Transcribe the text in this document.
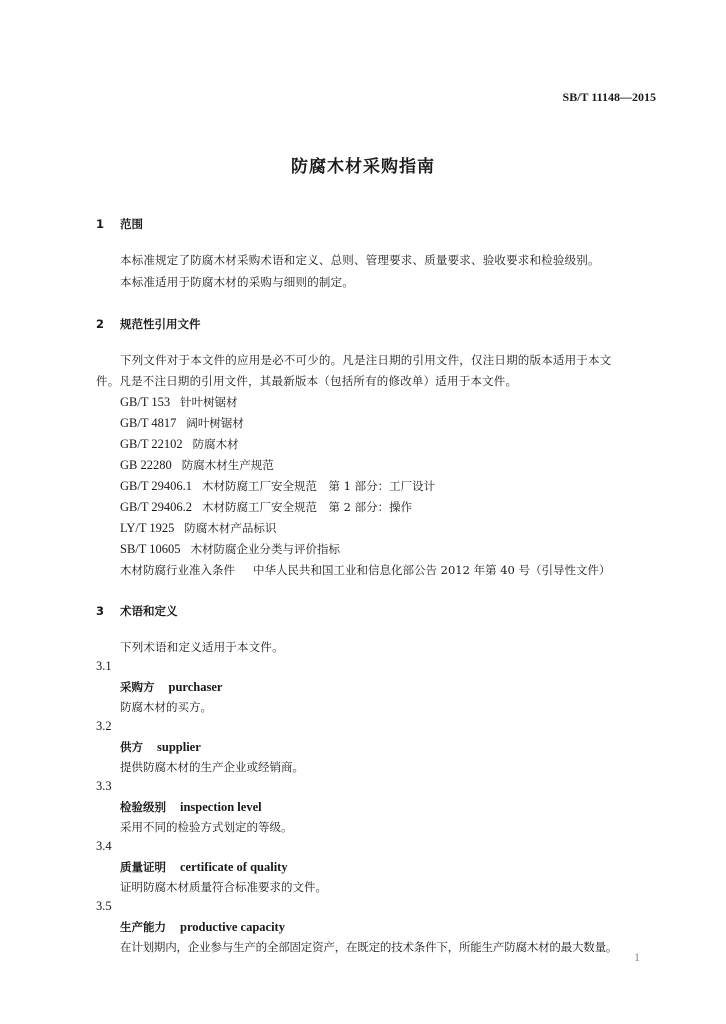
SB/T 11148—2015
防腐木材采购指南
1 范围
本标准规定了防腐木材采购术语和定义、总则、管理要求、质量要求、验收要求和检验级别。
本标准适用于防腐木材的采购与细则的制定。
2 规范性引用文件
下列文件对于本文件的应用是必不可少的。凡是注日期的引用文件，仅注日期的版本适用于本文
件。凡是不注日期的引用文件，其最新版本（包括所有的修改单）适用于本文件。
GB/T 153 针叶树锯材
GB/T 4817 阔叶树锯材
GB/T 22102 防腐木材
GB 22280 防腐木材生产规范
GB/T 29406.1 木材防腐工厂安全规范　第 1 部分：工厂设计
GB/T 29406.2 木材防腐工厂安全规范　第 2 部分：操作
LY/T 1925 防腐木材产品标识
SB/T 10605 木材防腐企业分类与评价指标
木材防腐行业准入条件 中华人民共和国工业和信息化部公告 2012 年第 40 号（引导性文件）
3 术语和定义
下列术语和定义适用于本文件。
3.1
采购方 purchaser
防腐木材的买方。
3.2
供方 supplier
提供防腐木材的生产企业或经销商。
3.3
检验级别 inspection level
采用不同的检验方式划定的等级。
3.4
质量证明 certificate of quality
证明防腐木材质量符合标准要求的文件。
3.5
生产能力 productive capacity
在计划期内，企业参与生产的全部固定资产，在既定的技术条件下，所能生产防腐木材的最大数量。
1
